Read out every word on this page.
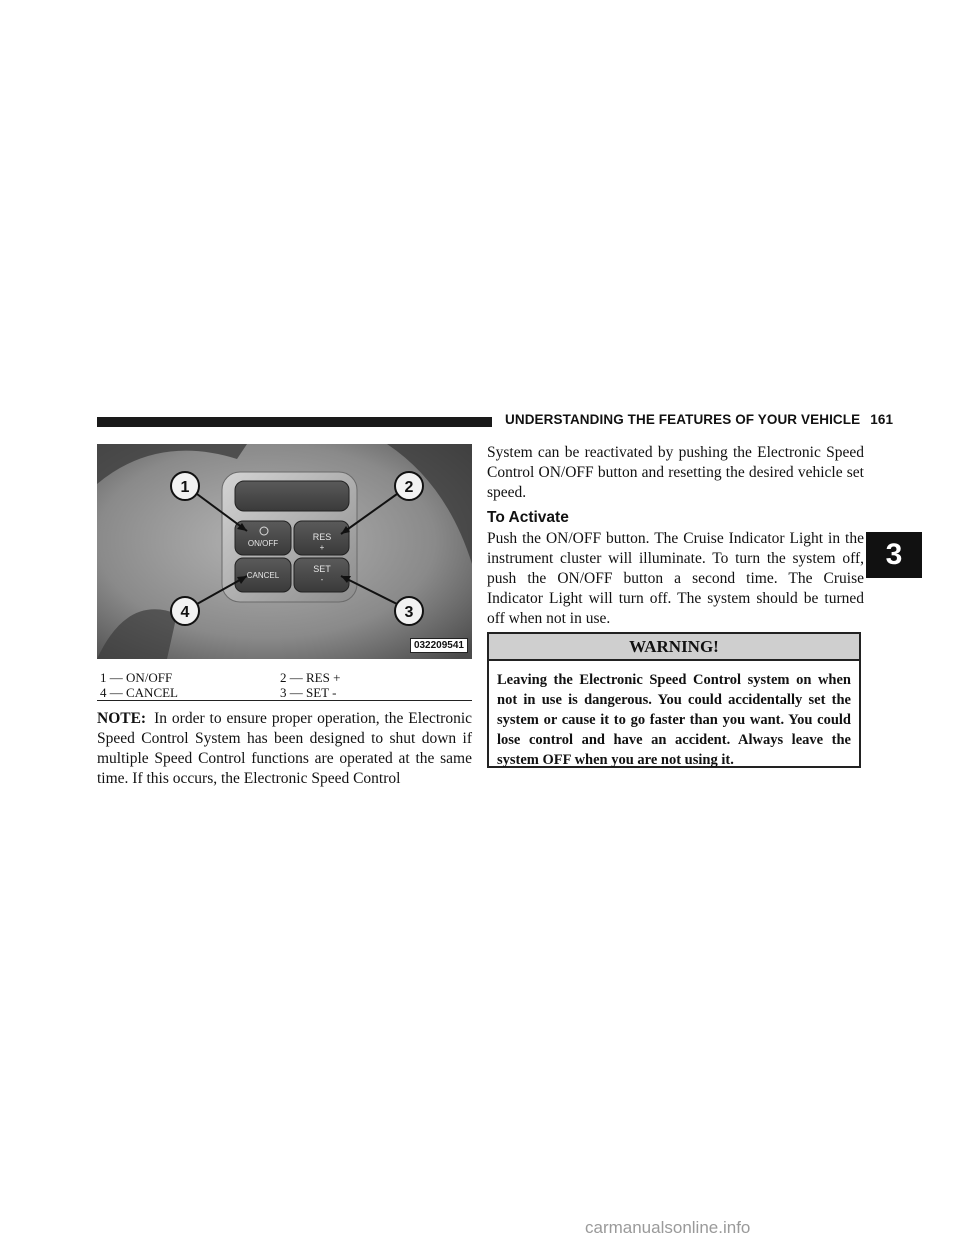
UNDERSTANDING THE FEATURES OF YOUR VEHICLE 161
3
ON/OFF
RES
+
CANCEL
SET
-
1	2
3
4
032209541
1 — ON/OFF	2 — RES +
4 — CANCEL	3 — SET -
NOTE: In order to ensure proper operation, the Electronic Speed Control System has been designed to shut down if multiple Speed Control functions are operated at the same time. If this occurs, the Electronic Speed Control
System can be reactivated by pushing the Electronic Speed Control ON/OFF button and resetting the desired vehicle set speed.
To Activate
Push the ON/OFF button. The Cruise Indicator Light in the instrument cluster will illuminate. To turn the system off, push the ON/OFF button a second time. The Cruise Indicator Light will turn off. The system should be turned off when not in use.
WARNING!
Leaving the Electronic Speed Control system on when not in use is dangerous. You could accidentally set the system or cause it to go faster than you want. You could lose control and have an accident. Always leave the system OFF when you are not using it.
carmanualsonline.info
